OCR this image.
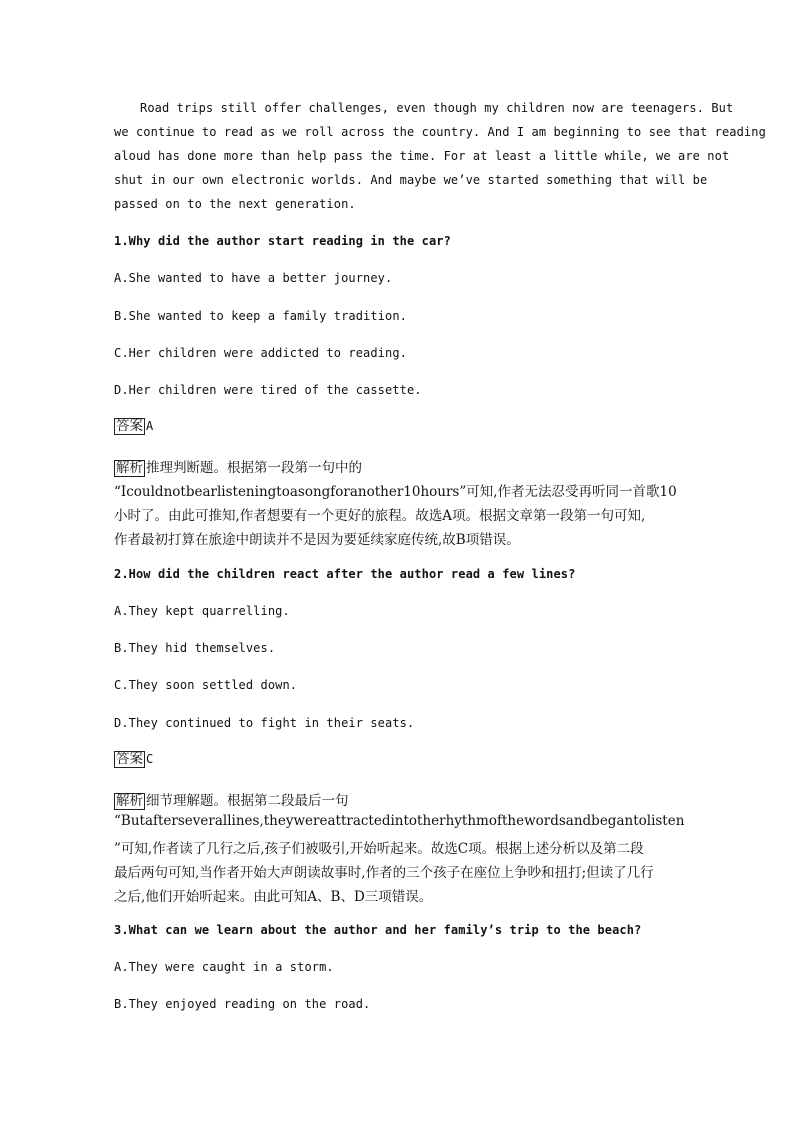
Road trips still offer challenges, even though my children now are teenagers. But
we continue to read as we roll across the country. And I am beginning to see that reading
aloud has done more than help pass the time. For at least a little while, we are not
shut in our own electronic worlds. And maybe we’ve started something that will be
passed on to the next generation.
1.Why did the author start reading in the car?
A.She wanted to have a better journey.
B.She wanted to keep a family tradition.
C.Her children were addicted to reading.
D.Her children were tired of the cassette.
答案 A
解析 推理判断题。根据第一段第一句中的
“Icouldnotbearlisteningtoasongforanother10hours”可知,作者无法忍受再听同一首歌10
小时了。由此可推知,作者想要有一个更好的旅程。故选A项。根据文章第一段第一句可知,
作者最初打算在旅途中朗读并不是因为要延续家庭传统,故B项错误。
2.How did the children react after the author read a few lines?
A.They kept quarrelling.
B.They hid themselves.
C.They soon settled down.
D.They continued to fight in their seats.
答案 C
解析 细节理解题。根据第二段最后一句
“Butafterseverallines,theywereattractedintotherhythmofthewordsandbegantolisten
”可知,作者读了几行之后,孩子们被吸引,开始听起来。故选C项。根据上述分析以及第二段
最后两句可知,当作者开始大声朗读故事时,作者的三个孩子在座位上争吵和扭打;但读了几行
之后,他们开始听起来。由此可知A、B、D三项错误。
3.What can we learn about the author and her family’s trip to the beach?
A.They were caught in a storm.
B.They enjoyed reading on the road.
